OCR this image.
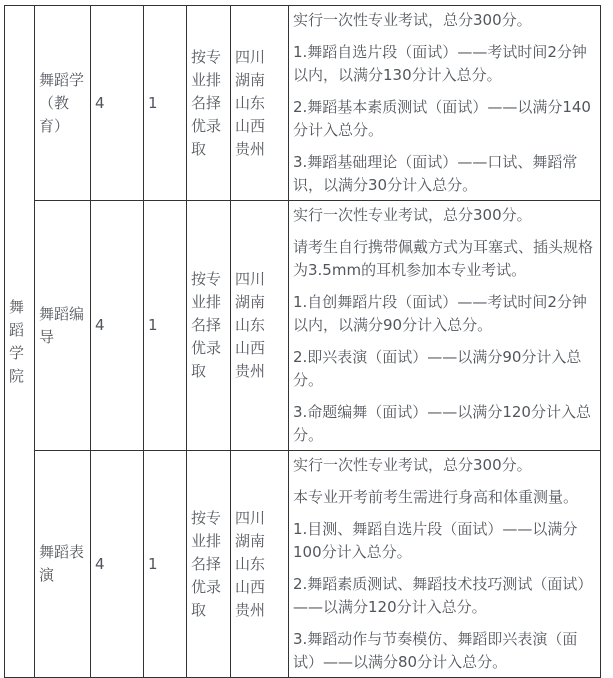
舞蹈学院	舞蹈学（教育）	4	1	按专业排名择优录取	四川 湖南 山东 山西 贵州	实行一次性专业考试，总分300分。

1.舞蹈自选片段（面试）——考试时间2分钟以内，以满分130分计入总分。

2.舞蹈基本素质测试（面试）——以满分140分计入总分。

3.舞蹈基础理论（面试）——口试、舞蹈常识，以满分30分计入总分。

	舞蹈编导	4	1	按专业排名择优录取	四川 湖南 山东 山西 贵州	实行一次性专业考试，总分300分。

请考生自行携带佩戴方式为耳塞式、插头规格为3.5mm的耳机参加本专业考试。

1.自创舞蹈片段（面试）——考试时间2分钟以内，以满分90分计入总分。

2.即兴表演（面试）——以满分90分计入总分。

3.命题编舞（面试）——以满分120分计入总分。

	舞蹈表演	4	1	按专业排名择优录取	四川 湖南 山东 山西 贵州	实行一次性专业考试，总分300分。

本专业开考前考生需进行身高和体重测量。

1.目测、舞蹈自选片段（面试）——以满分100分计入总分。

2.舞蹈素质测试、舞蹈技术技巧测试（面试）——以满分120分计入总分。

3.舞蹈动作与节奏模仿、舞蹈即兴表演（面试）——以满分80分计入总分。
